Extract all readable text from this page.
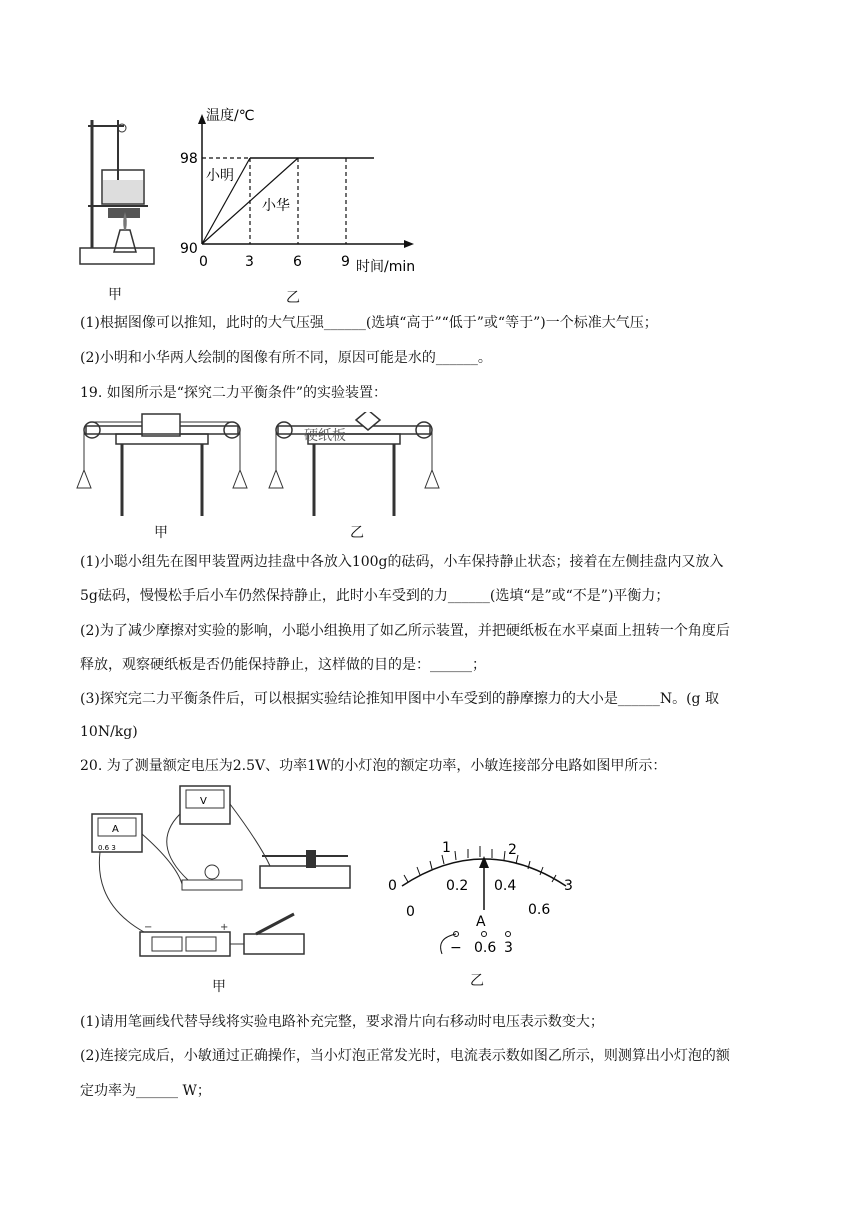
甲
温度/℃
98
90
0	3	6	9 时间/min
小明
小华
乙
(1)根据图像可以推知，此时的大气压强______(选填“高于”“低于”或“等于”)一个标准大气压；
(2)小明和小华两人绘制的图像有所不同，原因可能是水的______。
19. 如图所示是“探究二力平衡条件”的实验装置：
甲
硬纸板
乙
(1)小聪小组先在图甲装置两边挂盘中各放入100g的砝码，小车保持静止状态；接着在左侧挂盘内又放入
5g砝码，慢慢松手后小车仍然保持静止，此时小车受到的力______(选填“是”或“不是”)平衡力；
(2)为了减少摩擦对实验的影响，小聪小组换用了如乙所示装置，并把硬纸板在水平桌面上扭转一个角度后
释放，观察硬纸板是否仍能保持静止，这样做的目的是：______；
(3)探究完二力平衡条件后，可以根据实验结论推知甲图中小车受到的静摩擦力的大小是______N。(g 取
10N/kg)
20. 为了测量额定电压为2.5V、功率1W的小灯泡的额定功率，小敏连接部分电路如图甲所示：
A
0.6 3
V
−	+
甲
0
1	2
3
0
0.2 0.4
0.6
A
− 0.6 3
乙
(1)请用笔画线代替导线将实验电路补充完整，要求滑片向右移动时电压表示数变大；
(2)连接完成后，小敏通过正确操作，当小灯泡正常发光时，电流表示数如图乙所示，则测算出小灯泡的额
定功率为______ W；
